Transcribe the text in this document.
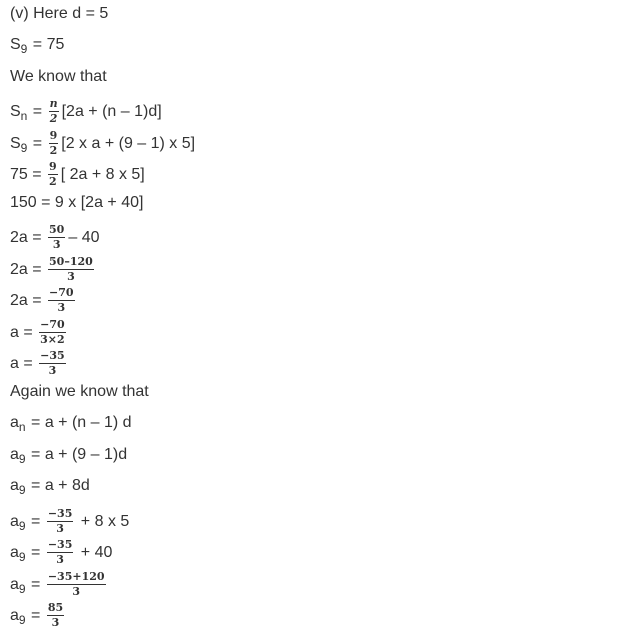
(v) Here d = 5
$S_9 = 75$
We know that
$S_n = \frac{n}{2} [2a + (n - 1)d]$
$S_9 = \frac{9}{2} [2$ x a + (9 – 1) x 5]
$75 = \frac{9}{2}$ [ 2a + 8 x 5]
150 = 9 x [2a + 40]
$2a = \frac{50}{3} - 40$
$2a = \frac{50-120}{3}$
$2a = \frac{-70}{3}$
$a = \frac{-70}{3\times 2}$
$a = \frac{-35}{3}$
Again we know that
$a_n = a + (n - 1)$ d
$a_9 = a + (9 - 1)d$
$a_9 = a + 8d$
$a_9 = \frac{-35}{3} + 8$ x 5
$a_9 = \frac{-35}{3} + 40$
$a_9 = \frac{-35+120}{3}$
$a_9 = \frac{85}{3}$
